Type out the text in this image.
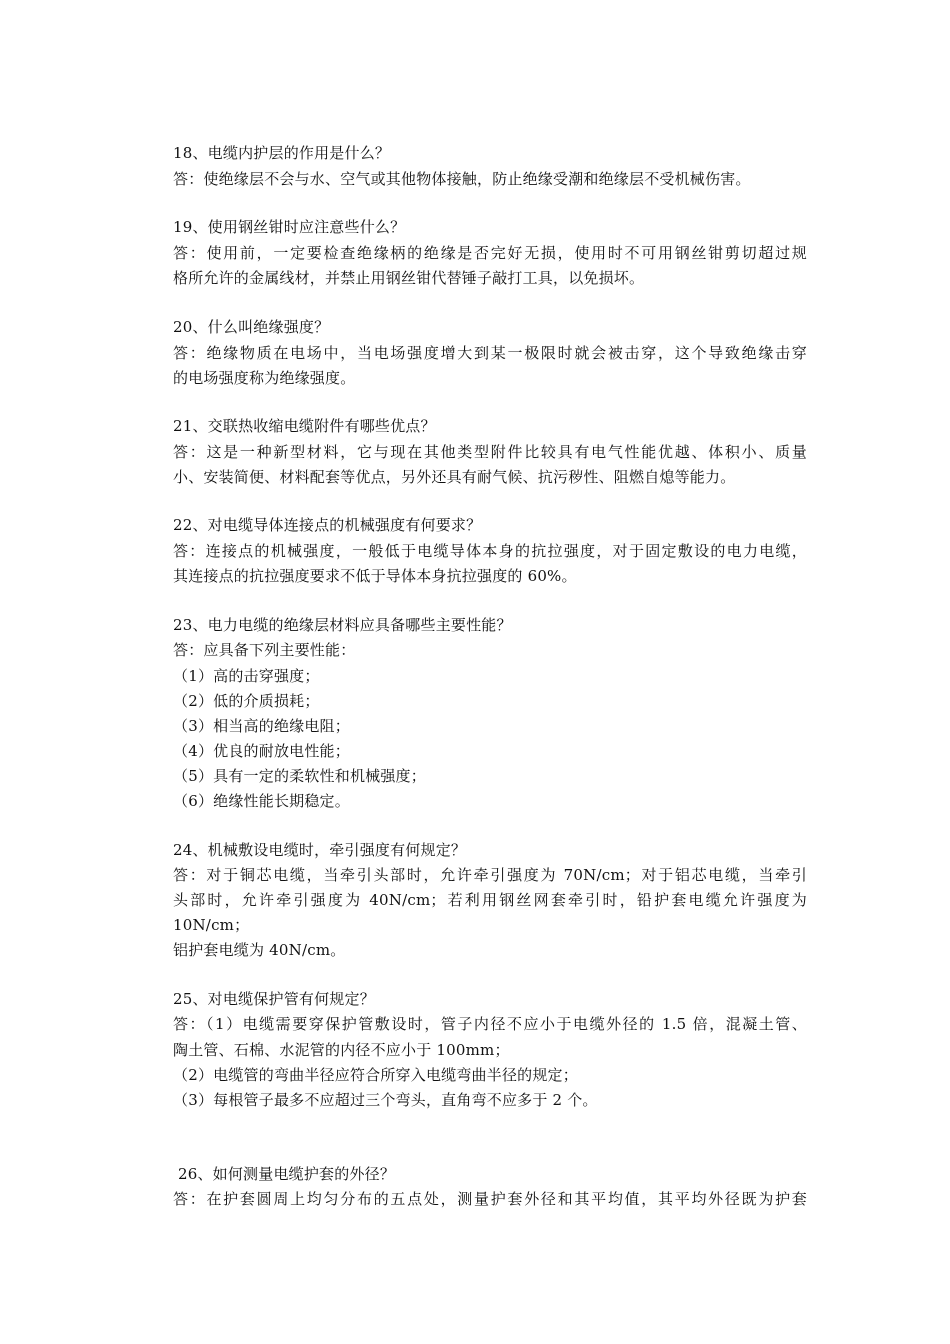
18、电缆内护层的作用是什么？
答：使绝缘层不会与水、空气或其他物体接触，防止绝缘受潮和绝缘层不受机械伤害。
19、使用钢丝钳时应注意些什么？
答：使用前，一定要检查绝缘柄的绝缘是否完好无损，使用时不可用钢丝钳剪切超过规
格所允许的金属线材，并禁止用钢丝钳代替锤子敲打工具，以免损坏。
20、什么叫绝缘强度？
答：绝缘物质在电场中，当电场强度增大到某一极限时就会被击穿，这个导致绝缘击穿
的电场强度称为绝缘强度。
21、交联热收缩电缆附件有哪些优点？
答：这是一种新型材料，它与现在其他类型附件比较具有电气性能优越、体积小、质量
小、安装简便、材料配套等优点，另外还具有耐气候、抗污秽性、阻燃自熄等能力。
22、对电缆导体连接点的机械强度有何要求？
答：连接点的机械强度，一般低于电缆导体本身的抗拉强度，对于固定敷设的电力电缆，
其连接点的抗拉强度要求不低于导体本身抗拉强度的 60%。
23、电力电缆的绝缘层材料应具备哪些主要性能？
答：应具备下列主要性能：
（1）高的击穿强度；
（2）低的介质损耗；
（3）相当高的绝缘电阻；
（4）优良的耐放电性能；
（5）具有一定的柔软性和机械强度；
（6）绝缘性能长期稳定。
24、机械敷设电缆时，牵引强度有何规定？
答：对于铜芯电缆，当牵引头部时，允许牵引强度为 70N/cm；对于铝芯电缆，当牵引
头部时，允许牵引强度为 40N/cm；若利用钢丝网套牵引时，铅护套电缆允许强度为
10N/cm；
铝护套电缆为 40N/cm。
25、对电缆保护管有何规定？
答：（1）电缆需要穿保护管敷设时，管子内径不应小于电缆外径的 1.5 倍，混凝土管、
陶土管、石棉、水泥管的内径不应小于 100mm；
（2）电缆管的弯曲半径应符合所穿入电缆弯曲半径的规定；
（3）每根管子最多不应超过三个弯头，直角弯不应多于 2 个。
26、如何测量电缆护套的外径？
答：在护套圆周上均匀分布的五点处，测量护套外径和其平均值，其平均外径既为护套
